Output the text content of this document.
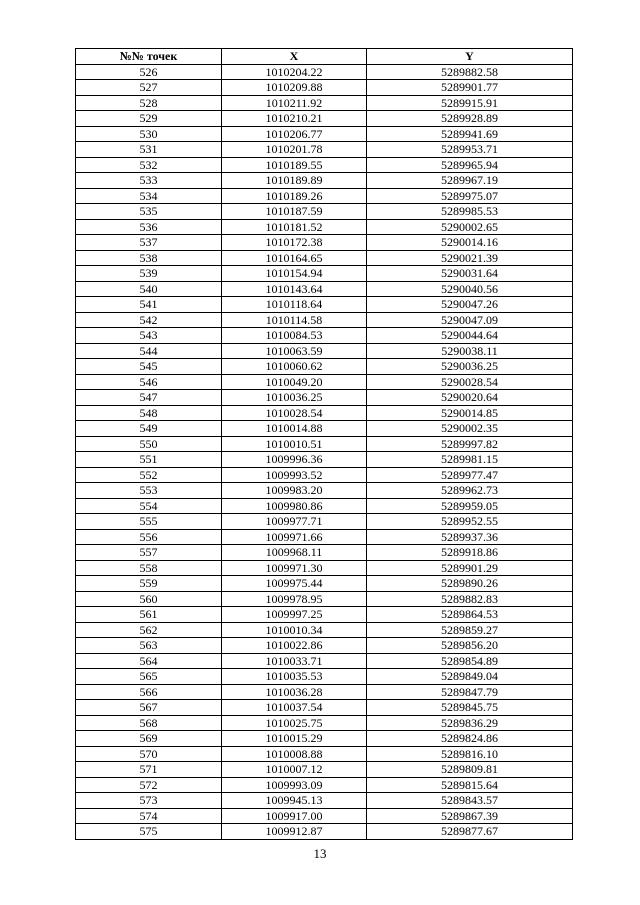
№№ точек	X	Y
526	1010204.22	5289882.58
527	1010209.88	5289901.77
528	1010211.92	5289915.91
529	1010210.21	5289928.89
530	1010206.77	5289941.69
531	1010201.78	5289953.71
532	1010189.55	5289965.94
533	1010189.89	5289967.19
534	1010189.26	5289975.07
535	1010187.59	5289985.53
536	1010181.52	5290002.65
537	1010172.38	5290014.16
538	1010164.65	5290021.39
539	1010154.94	5290031.64
540	1010143.64	5290040.56
541	1010118.64	5290047.26
542	1010114.58	5290047.09
543	1010084.53	5290044.64
544	1010063.59	5290038.11
545	1010060.62	5290036.25
546	1010049.20	5290028.54
547	1010036.25	5290020.64
548	1010028.54	5290014.85
549	1010014.88	5290002.35
550	1010010.51	5289997.82
551	1009996.36	5289981.15
552	1009993.52	5289977.47
553	1009983.20	5289962.73
554	1009980.86	5289959.05
555	1009977.71	5289952.55
556	1009971.66	5289937.36
557	1009968.11	5289918.86
558	1009971.30	5289901.29
559	1009975.44	5289890.26
560	1009978.95	5289882.83
561	1009997.25	5289864.53
562	1010010.34	5289859.27
563	1010022.86	5289856.20
564	1010033.71	5289854.89
565	1010035.53	5289849.04
566	1010036.28	5289847.79
567	1010037.54	5289845.75
568	1010025.75	5289836.29
569	1010015.29	5289824.86
570	1010008.88	5289816.10
571	1010007.12	5289809.81
572	1009993.09	5289815.64
573	1009945.13	5289843.57
574	1009917.00	5289867.39
575	1009912.87	5289877.67
13
